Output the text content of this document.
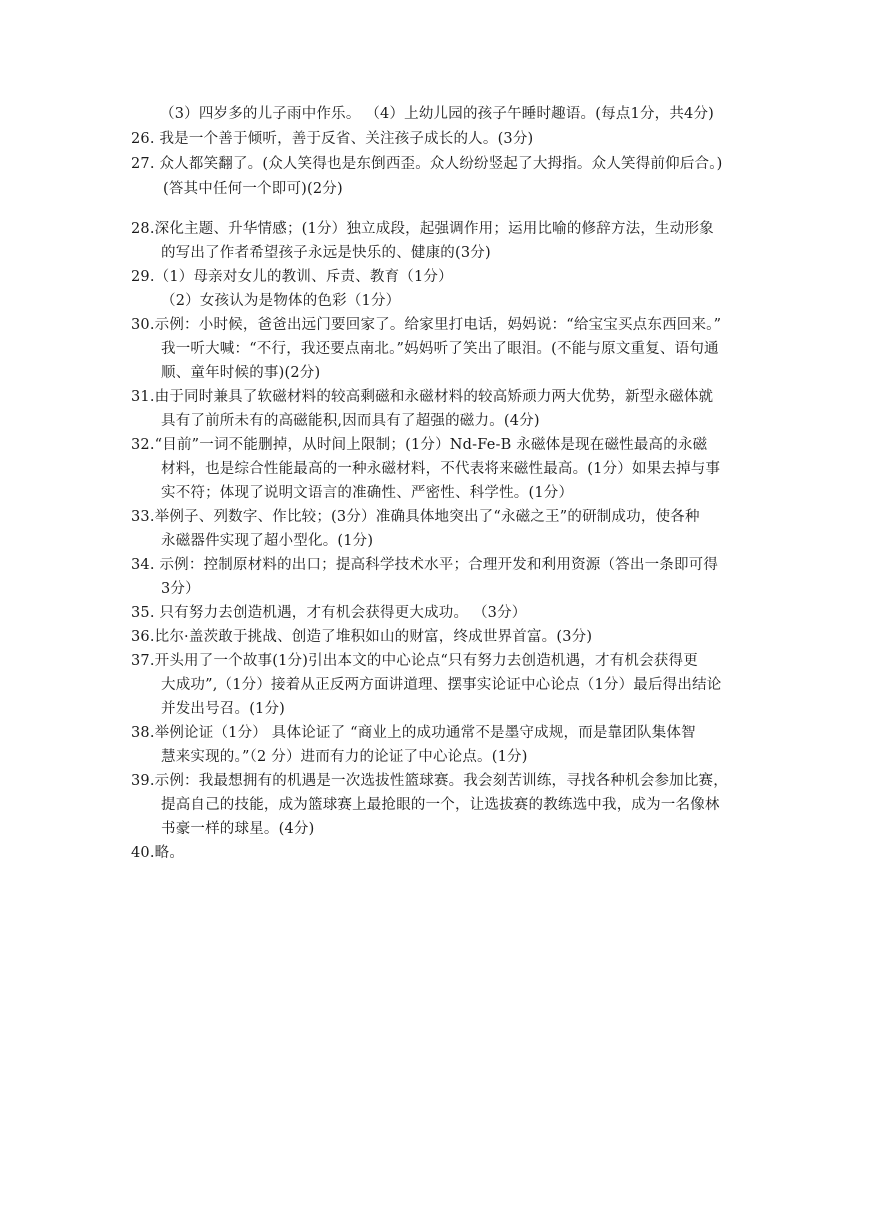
（3）四岁多的儿子雨中作乐。 （4）上幼儿园的孩子午睡时趣语。(每点1分，共4分)
26. 我是一个善于倾听，善于反省、关注孩子成长的人。(3分)
27. 众人都笑翻了。(众人笑得也是东倒西歪。众人纷纷竖起了大拇指。众人笑得前仰后合。)
(答其中任何一个即可)(2分)
28.深化主题、升华情感；(1分）独立成段，起强调作用；运用比喻的修辞方法，生动形象
的写出了作者希望孩子永远是快乐的、健康的(3分)
29.（1）母亲对女儿的教训、斥责、教育（1分）
（2）女孩认为是物体的色彩（1分）
30.示例：小时候，爸爸出远门要回家了。给家里打电话，妈妈说：“给宝宝买点东西回来。”
我一听大喊：“不行，我还要点南北。”妈妈听了笑出了眼泪。(不能与原文重复、语句通
顺、童年时候的事)(2分)
31.由于同时兼具了软磁材料的较高剩磁和永磁材料的较高矫顽力两大优势，新型永磁体就
具有了前所未有的高磁能积,因而具有了超强的磁力。(4分)
32.“目前”一词不能删掉，从时间上限制；(1分）Nd-Fe-B 永磁体是现在磁性最高的永磁
材料，也是综合性能最高的一种永磁材料，不代表将来磁性最高。(1分）如果去掉与事
实不符；体现了说明文语言的准确性、严密性、科学性。(1分）
33.举例子、列数字、作比较；(3分）准确具体地突出了“永磁之王”的研制成功，使各种
永磁器件实现了超小型化。(1分)
34. 示例：控制原材料的出口；提高科学技术水平；合理开发和利用资源（答出一条即可得
3分）
35. 只有努力去创造机遇，才有机会获得更大成功。 （3分）
36.比尔·盖茨敢于挑战、创造了堆积如山的财富，终成世界首富。(3分)
37.开头用了一个故事(1分)引出本文的中心论点“只有努力去创造机遇，才有机会获得更
大成功”,（1分）接着从正反两方面讲道理、摆事实论证中心论点（1分）最后得出结论
并发出号召。(1分)
38.举例论证（1分） 具体论证了 “商业上的成功通常不是墨守成规，而是靠团队集体智
慧来实现的。”（2 分）进而有力的论证了中心论点。(1分)
39.示例：我最想拥有的机遇是一次选拔性篮球赛。我会刻苦训练，寻找各种机会参加比赛，
提高自己的技能，成为篮球赛上最抢眼的一个，让选拔赛的教练选中我，成为一名像林
书豪一样的球星。(4分)
40.略。
